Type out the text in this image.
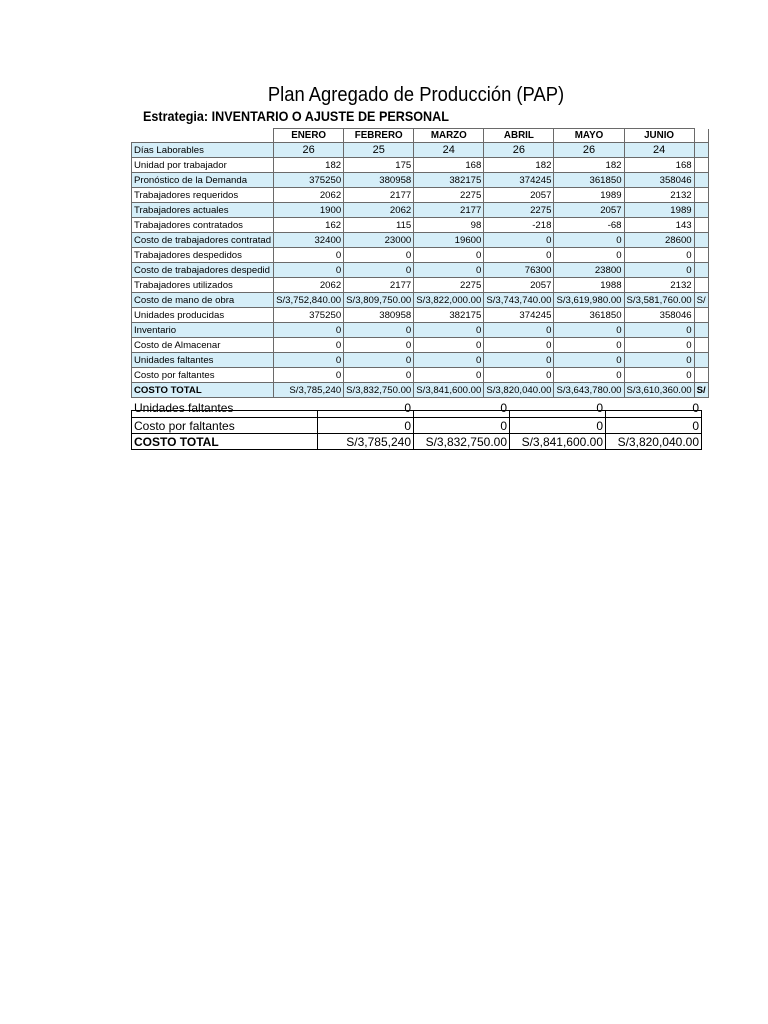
Plan Agregado de Producción (PAP)
Estrategia: INVENTARIO O AJUSTE DE PERSONAL
	ENERO	FEBRERO	MARZO	ABRIL	MAYO	JUNIO	
Días Laborables	26	25	24	26	26	24	
Unidad por trabajador	182	175	168	182	182	168	
Pronóstico de la Demanda	375250	380958	382175	374245	361850	358046	
Trabajadores requeridos	2062	2177	2275	2057	1989	2132	
Trabajadores actuales	1900	2062	2177	2275	2057	1989	
Trabajadores contratados	162	115	98	-218	-68	143	
Costo de trabajadores contratad	32400	23000	19600	0	0	28600	
Trabajadores despedidos	0	0	0	0	0	0	
Costo de trabajadores despedid	0	0	0	76300	23800	0	
Trabajadores utilizados	2062	2177	2275	2057	1988	2132	
Costo de mano de obra	S/3,752,840.00	S/3,809,750.00	S/3,822,000.00	S/3,743,740.00	S/3,619,980.00	S/3,581,760.00	S/
Unidades producidas	375250	380958	382175	374245	361850	358046	
Inventario	0	0	0	0	0	0	
Costo de Almacenar	0	0	0	0	0	0	
Unidades faltantes	0	0	0	0	0	0	
Costo por faltantes	0	0	0	0	0	0	
COSTO TOTAL	S/3,785,240	S/3,832,750.00	S/3,841,600.00	S/3,820,040.00	S/3,643,780.00	S/3,610,360.00	S/
Unidades faltantes	0	0	0	0
Costo por faltantes	0	0	0	0
COSTO TOTAL	S/3,785,240	S/3,832,750.00	S/3,841,600.00	S/3,820,040.00
